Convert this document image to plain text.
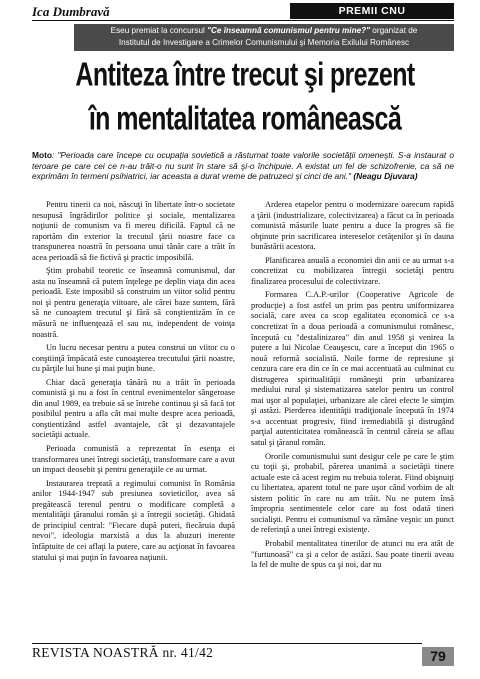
Ica Dumbravă	PREMII CNU
Eseu premiat la concursul "Ce înseamnă comunismul pentru mine?" organizat de
Institutul de Investigare a Crimelor Comunismului şi Memoria Exilului Românesc
Antiteza între trecut şi prezent
în mentalitatea românească
Moto: "Perioada care începe cu ocupaţia sovietică a răsturnat toate valorile societăţii omeneşti. S-a instaurat o teroare pe care cei ce n-au trăit-o nu sunt în stare să şi-o închipuie. A existat un fel de schizofrenie, ca să ne exprimăm în termeni psihiatrici, iar aceasta a durat vreme de patruzeci şi cinci de ani." (Neagu Djuvara)

Pentru tinerii ca noi, născuţi în libertate într-o societate nesupusă îngrădirilor politice şi sociale, mentalizarea noţiunii de comunism va fi mereu dificilă. Faptul că ne raportăm din exterior la trecutul ţării noastre face ca transpunerea noastră în persoana unui tânăr care a trăit în acea perioadă să fie fictivă şi practic imposibilă.

Ştim probabil teoretic ce înseamnă comunismul, dar asta nu înseamnă că putem înţelege pe deplin viaţa din acea perioadă. Este imposibil să construim un viitor solid pentru noi şi pentru generaţia viitoare, ale cărei baze suntem, fără să ne cunoaştem trecutul şi fără să conştientizăm în ce măsură ne influenţează el sau nu, independent de voinţa noastră.

Un lucru necesar pentru a putea construi un viitor cu o conştiinţă împăcată este cunoaşterea trecutului ţării noastre, cu părţile lui bune şi mai puţin bune.

Chiar dacă generaţia tânără nu a trăit în perioada comunistă şi nu a fost în centrul evenimentelor sângeroase din anul 1989, ea trebuie să se întrebe continuu şi să facă tot posibilul pentru a afla cât mai multe despre acea perioadă, conştientizând astfel avantajele, cât şi dezavantajele societăţii actuale.

Perioada comunistă a reprezentat în esenţa ei transformarea unei întregi societăţi, transformare care a avut un impact deosebit şi pentru generaţiile ce au urmat.

Instaurarea treptată a regimului comunist în România anilor 1944-1947 sub presiunea sovieticilor, avea să pregătească terenul pentru o modificare completă a mentalităţii ţăranului român şi a întregii societăţi. Ghidată de principiul central: "Fiecare după puteri, fiecăruia după nevoi", ideologia marxistă a dus la abuzuri inerente înfăptuite de cei aflaţi la putere, care au acţionat în favoarea statului şi mai puţin în favoarea naţiunii.

Arderea etapelor pentru o modernizare oarecum rapidă a ţării (industrializare, colectivizarea) a făcut ca în perioada comunistă măsurile luate pentru a duce la progres să fie obţinute prin sacrificarea intereselor cetăţenilor şi în dauna bunăstării acestora.

Planificarea anuală a economiei din anii ce au urmat s-a concretizat cu mobilizarea întregii societăţi pentru finalizarea procesului de colectivizare.

Formarea C.A.P.-urilor (Cooperative Agricole de producţie) a fost astfel un prim pas pentru uniformizarea socială, care avea ca scop egalitatea economică ce s-a concretizat în a doua perioadă a comunismului românesc, începută cu "destalinizarea" din anul 1958 şi venirea la putere a lui Nicolae Ceauşescu, care a început din 1965 o nouă reformă socialistă. Noile forme de represiune şi cenzura care era din ce în ce mai accentuată au culminat cu distrugerea spiritualităţii româneşti prin urbanizarea mediului rural şi sistematizarea satelor pentru un control mai uşor al populaţiei, urbanizare ale cărei efecte le simţim şi astăzi. Pierderea identităţii tradiţionale începută în 1974 s-a accentuat progresiv, fiind iremediabilă şi distrugând parţial autenticitatea românească în centrul căreia se aflau satul şi ţăranul român.

Ororile comunismului sunt desigur cele pe care le ştim cu toţii şi, probabil, părerea unanimă a societăţii tinere actuale este că acest regim nu trebuia tolerat. Fiind obişnuiţi cu libertatea, aparent totul ne pare uşor când vorbim de alt sistem politic în care nu am trăit. Nu ne putem însă împropria sentimentele celor care au fost odată tineri socialişti. Pentru ei comunismul va rămâne veşnic un punct de referinţă a unei întregi existenţe.

Probabil mentalitatea tinerilor de atunci nu era atât de "furtunoasă" ca şi a celor de astăzi. Sau poate tinerii aveau la fel de multe de spus ca şi noi, dar nu

REVISTA NOASTRĂ nr. 41/42	79
